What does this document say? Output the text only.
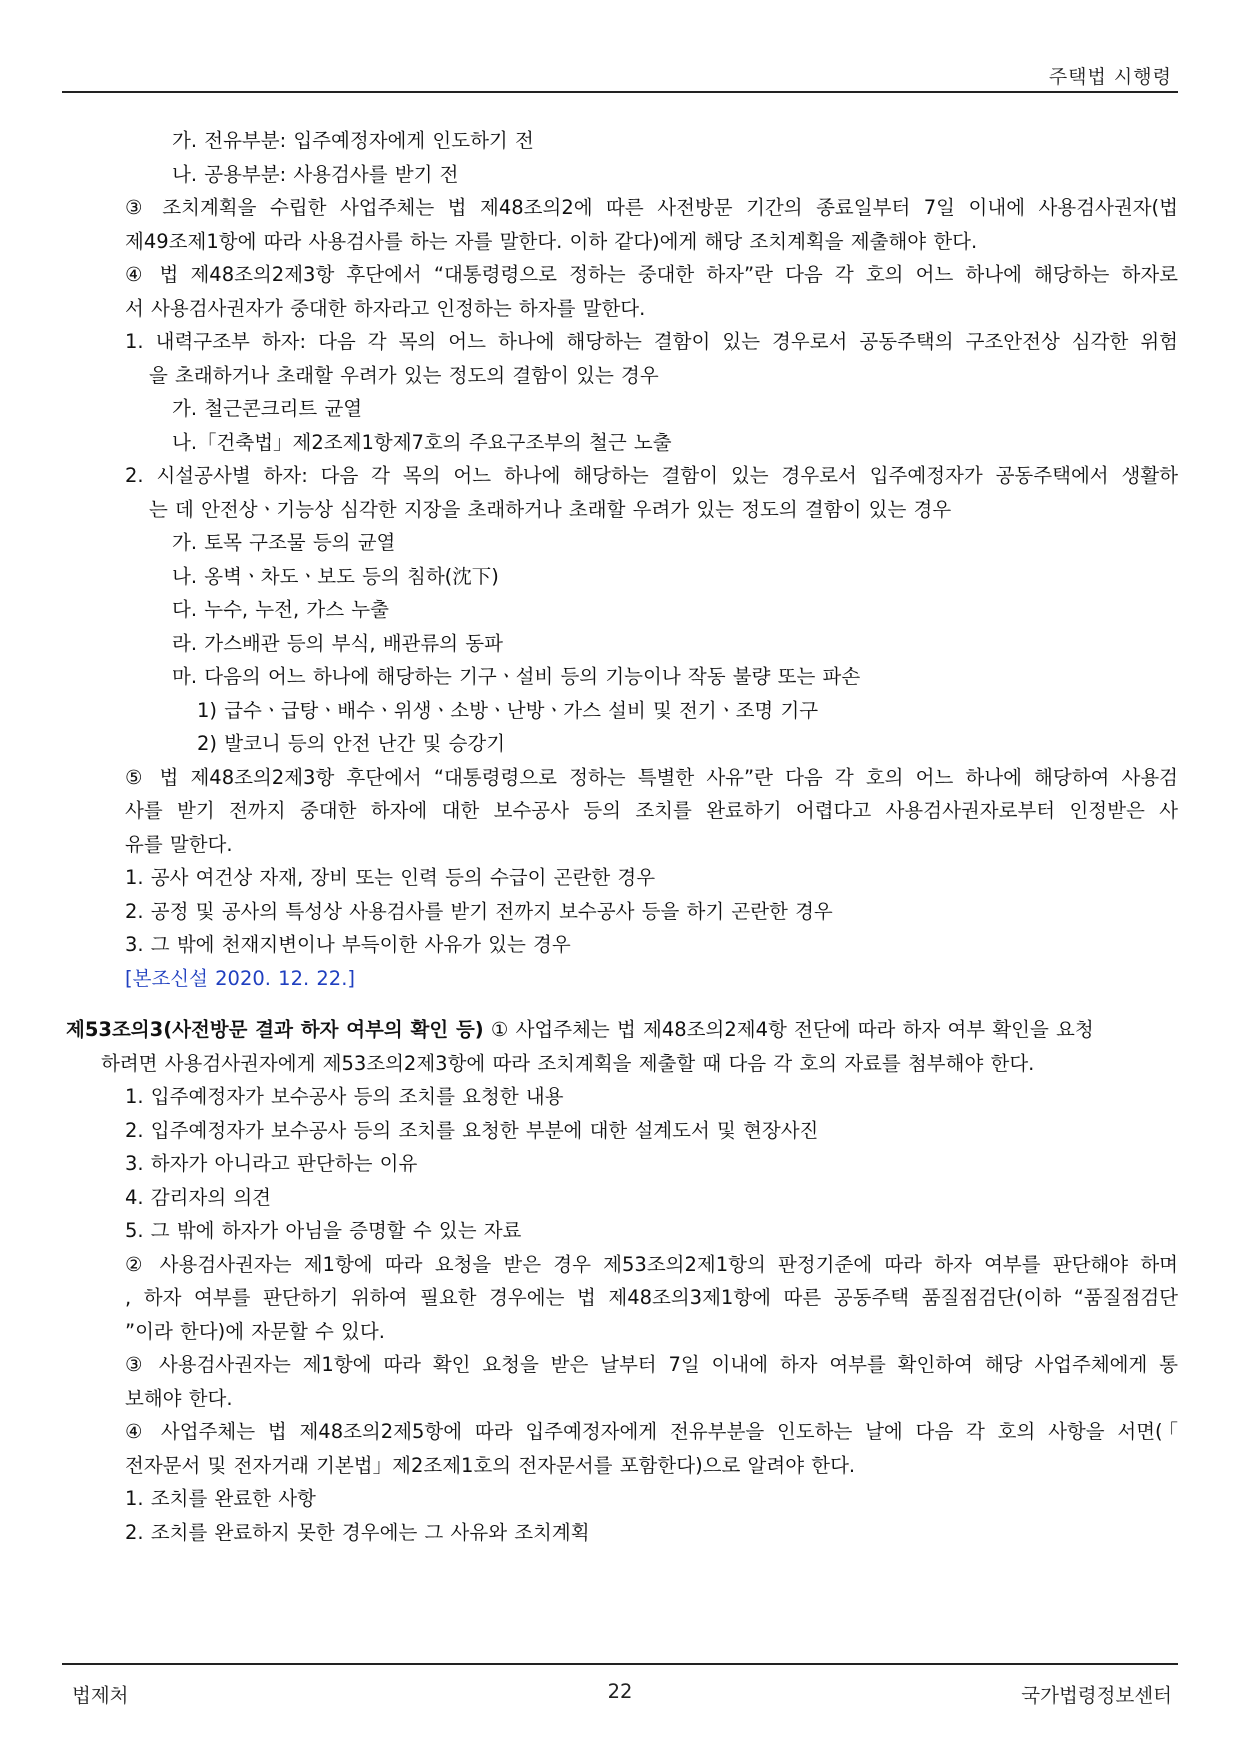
주택법 시행령
가. 전유부분: 입주예정자에게 인도하기 전
나. 공용부분: 사용검사를 받기 전
③ 조치계획을 수립한 사업주체는 법 제48조의2에 따른 사전방문 기간의 종료일부터 7일 이내에 사용검사권자(법
제49조제1항에 따라 사용검사를 하는 자를 말한다. 이하 같다)에게 해당 조치계획을 제출해야 한다.
④ 법 제48조의2제3항 후단에서 “대통령령으로 정하는 중대한 하자”란 다음 각 호의 어느 하나에 해당하는 하자로
서 사용검사권자가 중대한 하자라고 인정하는 하자를 말한다.
1. 내력구조부 하자: 다음 각 목의 어느 하나에 해당하는 결함이 있는 경우로서 공동주택의 구조안전상 심각한 위험
을 초래하거나 초래할 우려가 있는 정도의 결함이 있는 경우
가. 철근콘크리트 균열
나.「건축법」제2조제1항제7호의 주요구조부의 철근 노출
2. 시설공사별 하자: 다음 각 목의 어느 하나에 해당하는 결함이 있는 경우로서 입주예정자가 공동주택에서 생활하
는 데 안전상ㆍ기능상 심각한 지장을 초래하거나 초래할 우려가 있는 정도의 결함이 있는 경우
가. 토목 구조물 등의 균열
나. 옹벽ㆍ차도ㆍ보도 등의 침하(沈下)
다. 누수, 누전, 가스 누출
라. 가스배관 등의 부식, 배관류의 동파
마. 다음의 어느 하나에 해당하는 기구ㆍ설비 등의 기능이나 작동 불량 또는 파손
1) 급수ㆍ급탕ㆍ배수ㆍ위생ㆍ소방ㆍ난방ㆍ가스 설비 및 전기ㆍ조명 기구
2) 발코니 등의 안전 난간 및 승강기
⑤ 법 제48조의2제3항 후단에서 “대통령령으로 정하는 특별한 사유”란 다음 각 호의 어느 하나에 해당하여 사용검
사를 받기 전까지 중대한 하자에 대한 보수공사 등의 조치를 완료하기 어렵다고 사용검사권자로부터 인정받은 사
유를 말한다.
1. 공사 여건상 자재, 장비 또는 인력 등의 수급이 곤란한 경우
2. 공정 및 공사의 특성상 사용검사를 받기 전까지 보수공사 등을 하기 곤란한 경우
3. 그 밖에 천재지변이나 부득이한 사유가 있는 경우
[본조신설 2020. 12. 22.]
제53조의3(사전방문 결과 하자 여부의 확인 등) ① 사업주체는 법 제48조의2제4항 전단에 따라 하자 여부 확인을 요청
하려면 사용검사권자에게 제53조의2제3항에 따라 조치계획을 제출할 때 다음 각 호의 자료를 첨부해야 한다.
1. 입주예정자가 보수공사 등의 조치를 요청한 내용
2. 입주예정자가 보수공사 등의 조치를 요청한 부분에 대한 설계도서 및 현장사진
3. 하자가 아니라고 판단하는 이유
4. 감리자의 의견
5. 그 밖에 하자가 아님을 증명할 수 있는 자료
② 사용검사권자는 제1항에 따라 요청을 받은 경우 제53조의2제1항의 판정기준에 따라 하자 여부를 판단해야 하며
, 하자 여부를 판단하기 위하여 필요한 경우에는 법 제48조의3제1항에 따른 공동주택 품질점검단(이하 “품질점검단
”이라 한다)에 자문할 수 있다.
③ 사용검사권자는 제1항에 따라 확인 요청을 받은 날부터 7일 이내에 하자 여부를 확인하여 해당 사업주체에게 통
보해야 한다.
④ 사업주체는 법 제48조의2제5항에 따라 입주예정자에게 전유부분을 인도하는 날에 다음 각 호의 사항을 서면(「
전자문서 및 전자거래 기본법」제2조제1호의 전자문서를 포함한다)으로 알려야 한다.
1. 조치를 완료한 사항
2. 조치를 완료하지 못한 경우에는 그 사유와 조치계획
22
법제처	국가법령정보센터
